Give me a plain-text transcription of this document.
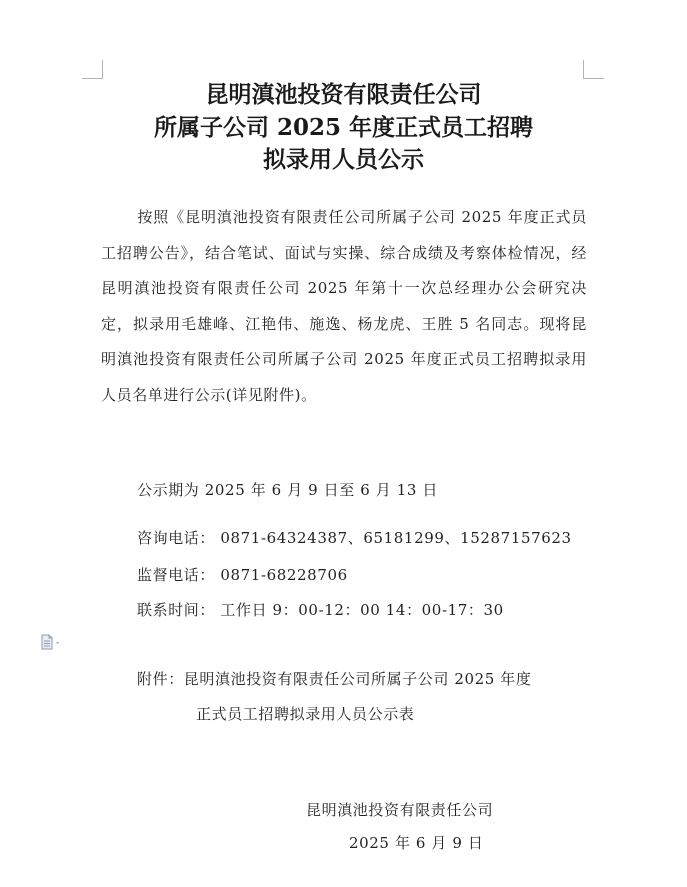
昆明滇池投资有限责任公司
所属子公司 2025 年度正式员工招聘
拟录用人员公示
按照《昆明滇池投资有限责任公司所属子公司 2025 年度正式员工招聘公告》，结合笔试、面试与实操、综合成绩及考察体检情况，经昆明滇池投资有限责任公司 2025 年第十一次总经理办公会研究决定，拟录用毛雄峰、江艳伟、施逸、杨龙虎、王胜 5 名同志。现将昆明滇池投资有限责任公司所属子公司 2025 年度正式员工招聘拟录用人员名单进行公示(详见附件)。
公示期为 2025 年 6 月 9 日至 6 月 13 日
咨询电话： 0871-64324387、65181299、15287157623
监督电话： 0871-68228706
联系时间： 工作日 9：00-12：00 14：00-17：30
附件：昆明滇池投资有限责任公司所属子公司 2025 年度
正式员工招聘拟录用人员公示表
昆明滇池投资有限责任公司
2025 年 6 月 9 日
